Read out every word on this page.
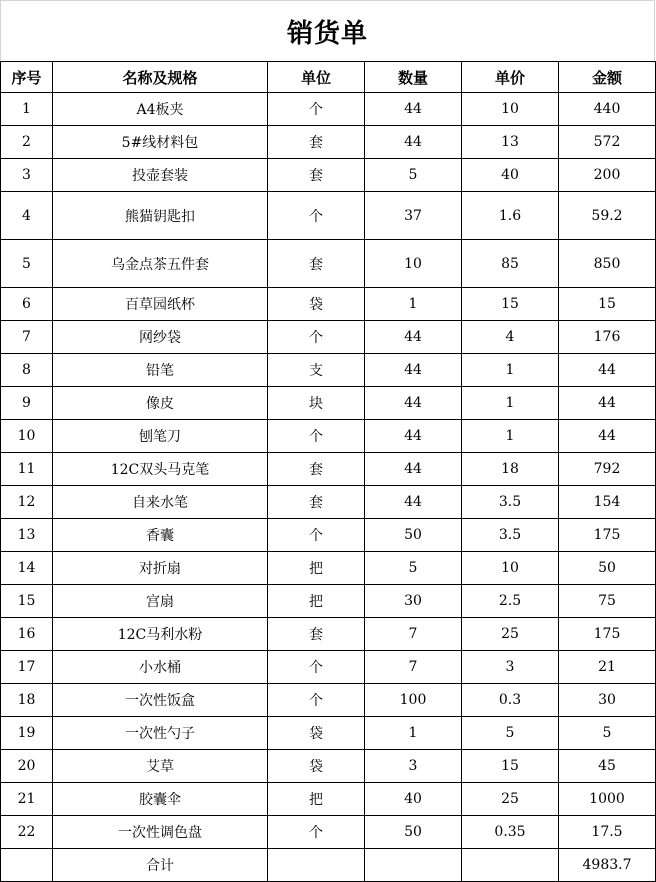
销货单
序号	名称及规格	单位	数量	单价	金额
1	A4板夹	个	44	10	440
2	5#线材料包	套	44	13	572
3	投壶套装	套	5	40	200
4	熊猫钥匙扣	个	37	1.6	59.2
5	乌金点茶五件套	套	10	85	850
6	百草园纸杯	袋	1	15	15
7	网纱袋	个	44	4	176
8	铅笔	支	44	1	44
9	像皮	块	44	1	44
10	刨笔刀	个	44	1	44
11	12C双头马克笔	套	44	18	792
12	自来水笔	套	44	3.5	154
13	香囊	个	50	3.5	175
14	对折扇	把	5	10	50
15	宫扇	把	30	2.5	75
16	12C马利水粉	套	7	25	175
17	小水桶	个	7	3	21
18	一次性饭盒	个	100	0.3	30
19	一次性勺子	袋	1	5	5
20	艾草	袋	3	15	45
21	胶囊伞	把	40	25	1000
22	一次性调色盘	个	50	0.35	17.5
	合计				4983.7
